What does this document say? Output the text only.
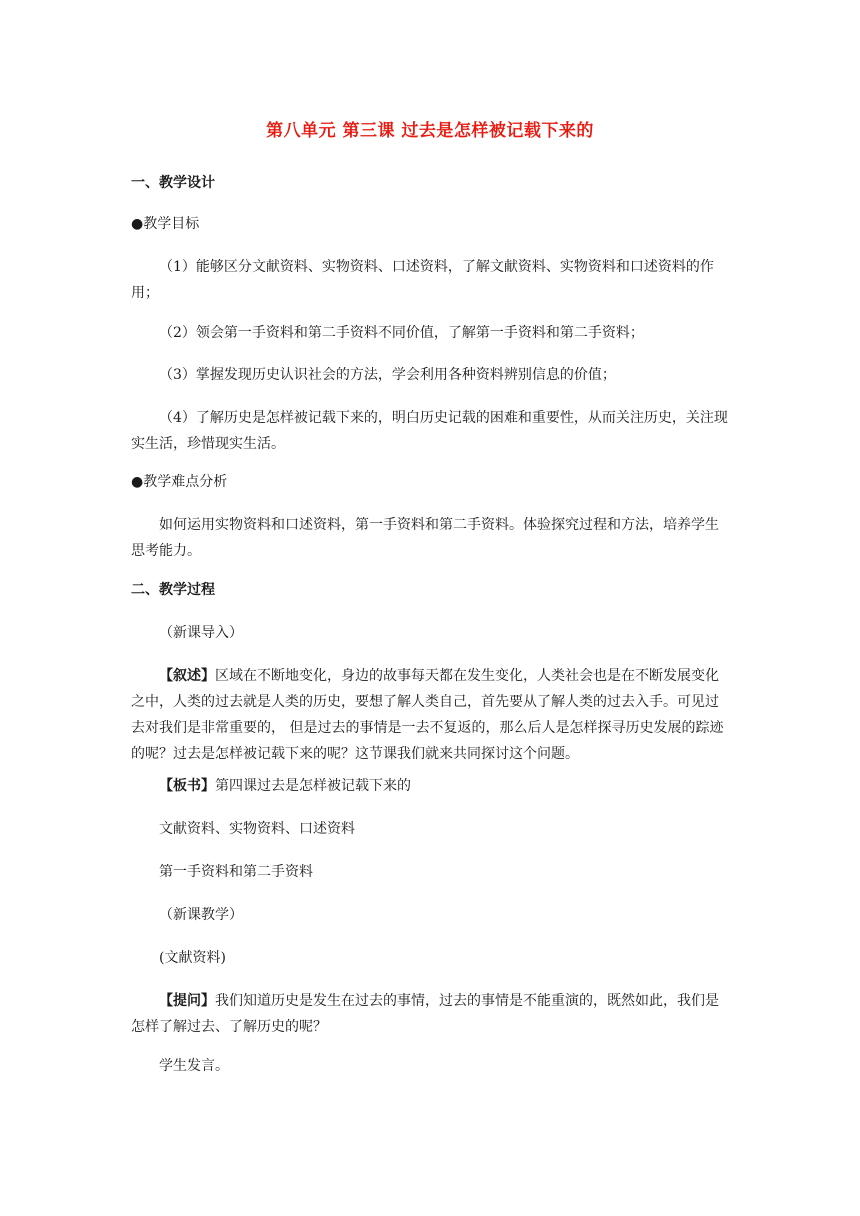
第八单元 第三课 过去是怎样被记载下来的
一、教学设计
●教学目标
（1）能够区分文献资料、实物资料、口述资料，了解文献资料、实物资料和口述资料的作用；
（2）领会第一手资料和第二手资料不同价值，了解第一手资料和第二手资料；
（3）掌握发现历史认识社会的方法，学会利用各种资料辨别信息的价值；
（4）了解历史是怎样被记载下来的，明白历史记载的困难和重要性，从而关注历史，关注现实生活，珍惜现实生活。
●教学难点分析
如何运用实物资料和口述资料，第一手资料和第二手资料。体验探究过程和方法，培养学生思考能力。
二、教学过程
（新课导入）
【叙述】区域在不断地变化，身边的故事每天都在发生变化，人类社会也是在不断发展变化之中，人类的过去就是人类的历史，要想了解人类自己，首先要从了解人类的过去入手。可见过去对我们是非常重要的， 但是过去的事情是一去不复返的，那么后人是怎样探寻历史发展的踪迹的呢？过去是怎样被记载下来的呢？这节课我们就来共同探讨这个问题。
【板书】第四课过去是怎样被记载下来的
文献资料、实物资料、口述资料
第一手资料和第二手资料
（新课教学）
(文献资料)
【提问】我们知道历史是发生在过去的事情，过去的事情是不能重演的，既然如此，我们是怎样了解过去、了解历史的呢？
学生发言。
